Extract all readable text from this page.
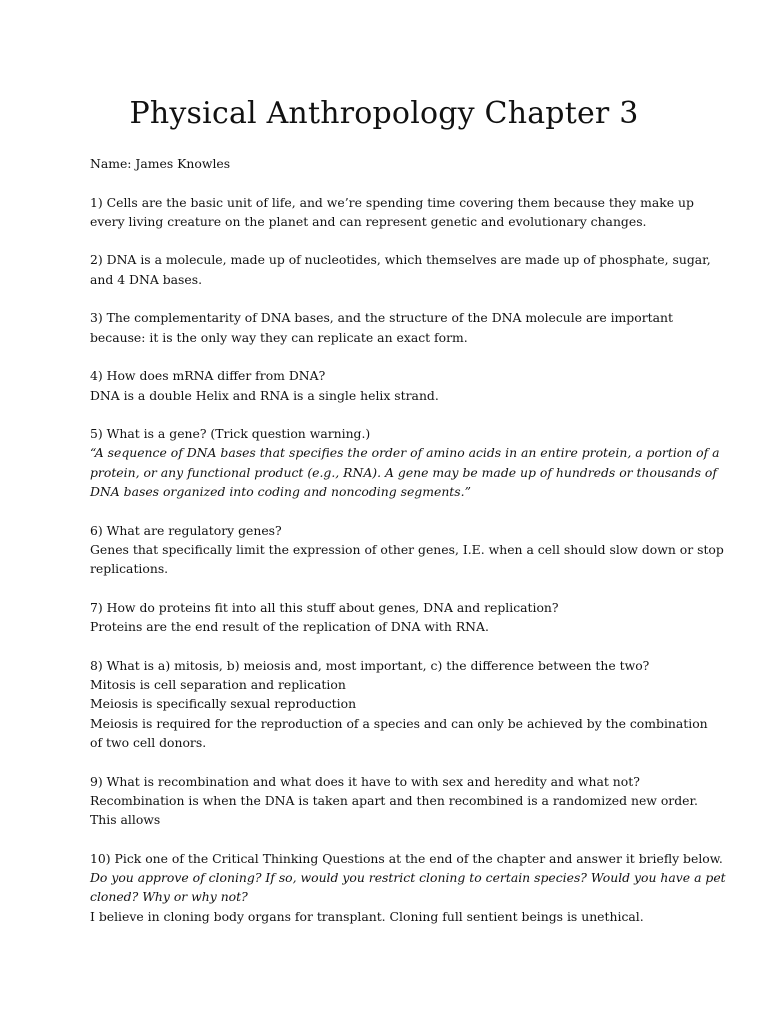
Physical Anthropology Chapter 3
Name: James Knowles
1) Cells are the basic unit of life, and we’re spending time covering them because they make up
every living creature on the planet and can represent genetic and evolutionary changes.
2) DNA is a molecule, made up of nucleotides, which themselves are made up of phosphate, sugar,
and 4 DNA bases.
3) The complementarity of DNA bases, and the structure of the DNA molecule are important
because: it is the only way they can replicate an exact form.
4) How does mRNA differ from DNA?
DNA is a double Helix and RNA is a single helix strand.
5) What is a gene? (Trick question warning.)
“A sequence of DNA bases that specifies the order of amino acids in an entire protein, a portion of a
protein, or any functional product (e.g., RNA). A gene may be made up of hundreds or thousands of
DNA bases organized into coding and noncoding segments.”
6) What are regulatory genes?
Genes that specifically limit the expression of other genes, I.E. when a cell should slow down or stop
replications.
7) How do proteins fit into all this stuff about genes, DNA and replication?
Proteins are the end result of the replication of DNA with RNA.
8) What is a) mitosis, b) meiosis and, most important, c) the difference between the two?
Mitosis is cell separation and replication
Meiosis is specifically sexual reproduction
Meiosis is required for the reproduction of a species and can only be achieved by the combination
of two cell donors.
9) What is recombination and what does it have to with sex and heredity and what not?
Recombination is when the DNA is taken apart and then recombined is a randomized new order.
This allows
10) Pick one of the Critical Thinking Questions at the end of the chapter and answer it briefly below.
Do you approve of cloning? If so, would you restrict cloning to certain species? Would you have a pet
cloned? Why or why not?
I believe in cloning body organs for transplant. Cloning full sentient beings is unethical.
